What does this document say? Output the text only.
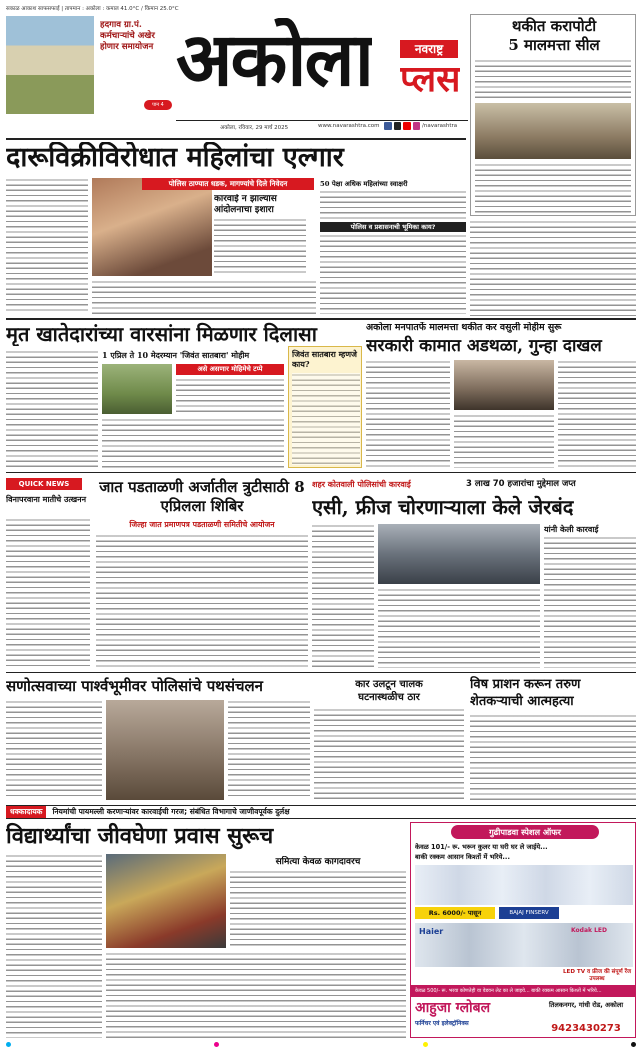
सकाळ आकाश साफसफाई | तापमान : अकोला : कमाल 41.0°C / किमान 25.0°C
हदगाव ग्रा.पं. कर्मचाऱ्यांचे अखेर होणार समायोजन
पान 4
अकोला	नवराष्ट्र
प्लस
अकोला, रविवार, 29 मार्च 2025	www.navarashtra.com	/navarashtra
थकीत करापोटी
5 मालमत्ता सील
दारूविक्रीविरोधात महिलांचा एल्गार
पोलिस ठाण्यात धडक, मागण्यांचे दिले निवेदन
कारवाई न झाल्यास आंदोलनाचा इशारा
50 पेक्षा अधिक महिलांच्या स्वाक्षरी
पोलिस व प्रशासनाची भूमिका काय?
मृत खातेदारांच्या वारसांना मिळणार दिलासा
1 एप्रिल ते 10 मेदरम्यान 'जिवंत सातबारा' मोहीम
असे असणार मोहिमेचे टप्पे
जिवंत सातबारा म्हणजे काय?
अकोला मनपातर्फे मालमत्ता थकीत कर वसुली मोहीम सुरू
सरकारी कामात अडथळा, गुन्हा दाखल
QUICK NEWS
विनापरवाना मातीचे उत्खनन
जात पडताळणी अर्जातील त्रुटीसाठी 8 एप्रिलला शिबिर
जिल्हा जात प्रमाणपत्र पडताळणी समितीचे आयोजन
शहर कोतवाली पोलिसांची कारवाई	3 लाख 70 हजारांचा मुद्देमाल जप्त
एसी, फ्रीज चोरणाऱ्याला केले जेरबंद
यांनी केली कारवाई
सणोत्सवाच्या पार्श्वभूमीवर पोलिसांचे पथसंचलन	कार उलटून चालक
घटनास्थळीच ठार
विष प्राशन करून तरुण
शेतकऱ्याची आत्महत्या
धक्कादायक	नियमांची पायमल्ली करणाऱ्यांवर कारवाईची गरज; संबंधित विभागाचे जाणीवपूर्वक दुर्लक्ष
विद्यार्थ्यांचा जीवघेणा प्रवास सुरूच
समित्या केवळ कागदावरच
गुढीपाडवा स्पेशल ऑफर
केवळ 101/- रू. भरून कुलर या घरी घर ले जाईये...
बाकी रक्कम आसान किश्तों में भरिये...
Rs. 6000/- पासून	BAJAJ FINSERV
Haier	Kodak LED
LED TV व फ्रीज की संपूर्ण रेंज उपलब्ध
केवळ 500/- रू. भरवा कोणतेही वा वेडवन लेट का ले जाइये... बाकी रक्कम आसान किश्तों में भरिये...
आहुजा ग्लोबल
फर्निचर एवं इलेक्ट्रॉनिक्स
तिलकनगर, गांधी रोड, अकोला
9423430273
